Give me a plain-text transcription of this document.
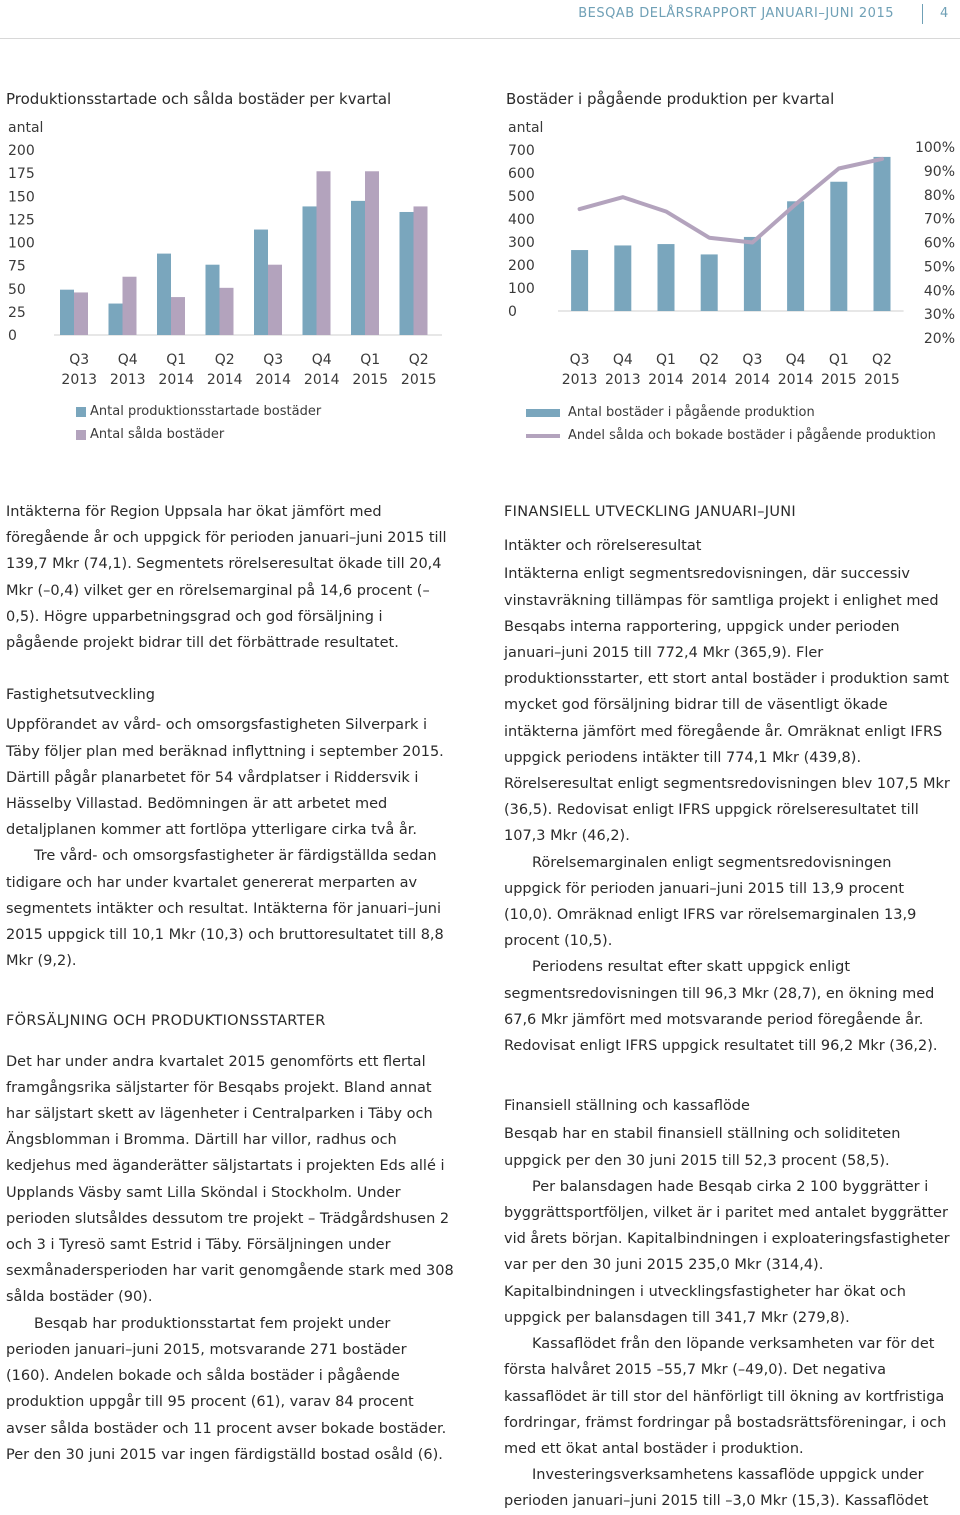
BESQAB DELÅRSRAPPORT JANUARI–JUNI 2015	4
Produktionsstartade och sålda bostäder per kvartal
antal
200
175
150
125
100
75
50
25
0
Q3
2013
Q4
2013
Q1
2014
Q2
2014
Q3
2014
Q4
2014
Q1
2015
Q2
2015
Antal produktionsstartade bostäder
Antal sålda bostäder
Bostäder i pågående produktion per kvartal
antal
700
600
500
400
300
200
100
0
100%
90%
80%
70%
60%
50%
40%
30%
20%
Q3
2013
Q4
2013
Q1
2014
Q2
2014
Q3
2014
Q4
2014
Q1
2015
Q2
2015
Antal bostäder i pågående produktion
Andel sålda och bokade bostäder i pågående produktion

Intäkterna för Region Uppsala har ökat jämfört med föregående år och uppgick för perioden januari–juni 2015 till 139,7 Mkr (74,1). Segmentets rörelseresultat ökade till 20,4 Mkr (–0,4) vilket ger en rörelsemarginal på 14,6 procent (–0,5). Högre upparbetningsgrad och god försäljning i pågående projekt bidrar till det förbättrade resultatet.

Fastighetsutveckling

Uppförandet av vård- och omsorgsfastigheten Silverpark i Täby följer plan med beräknad inflyttning i september 2015. Därtill pågår planarbetet för 54 vårdplatser i Riddersvik i Hässelby Villastad. Bedömningen är att arbetet med detaljplanen kommer att fortlöpa ytterligare cirka två år.

Tre vård- och omsorgsfastigheter är färdigställda sedan tidigare och har under kvartalet genererat merparten av segmentets intäkter och resultat. Intäkterna för januari–juni 2015 uppgick till 10,1 Mkr (10,3) och bruttoresultatet till 8,8 Mkr (9,2).

FÖRSÄLJNING OCH PRODUKTIONSSTARTER

Det har under andra kvartalet 2015 genomförts ett flertal framgångsrika säljstarter för Besqabs projekt. Bland annat har säljstart skett av lägenheter i Centralparken i Täby och Ängsblomman i Bromma. Därtill har villor, radhus och kedjehus med äganderätter säljstartats i projekten Eds allé i Upplands Väsby samt Lilla Sköndal i Stockholm. Under perioden slutsåldes dessutom tre projekt – Trädgårdshusen 2 och 3 i Tyresö samt Estrid i Täby. Försäljningen under sexmånadersperioden har varit genomgående stark med 308 sålda bostäder (90).

Besqab har produktionsstartat fem projekt under perioden januari–juni 2015, motsvarande 271 bostäder (160). Andelen bokade och sålda bostäder i pågående produktion uppgår till 95 procent (61), varav 84 procent avser sålda bostäder och 11 procent avser bokade bostäder. Per den 30 juni 2015 var ingen färdigställd bostad osåld (6).

FINANSIELL UTVECKLING JANUARI–JUNI

Intäkter och rörelseresultat

Intäkterna enligt segmentsredovisningen, där successiv vinstavräkning tillämpas för samtliga projekt i enlighet med Besqabs interna rapportering, uppgick under perioden januari–juni 2015 till 772,4 Mkr (365,9). Fler produktionsstarter, ett stort antal bostäder i produktion samt mycket god försäljning bidrar till de väsentligt ökade intäkterna jämfört med föregående år. Omräknat enligt IFRS uppgick periodens intäkter till 774,1 Mkr (439,8). Rörelseresultat enligt segmentsredovisningen blev 107,5 Mkr (36,5). Redovisat enligt IFRS uppgick rörelseresultatet till 107,3 Mkr (46,2).

Rörelsemarginalen enligt segmentsredovisningen uppgick för perioden januari–juni 2015 till 13,9 procent (10,0). Omräknad enligt IFRS var rörelsemarginalen 13,9 procent (10,5).

Periodens resultat efter skatt uppgick enligt segmentsredovisningen till 96,3 Mkr (28,7), en ökning med 67,6 Mkr jämfört med motsvarande period föregående år. Redovisat enligt IFRS uppgick resultatet till 96,2 Mkr (36,2).

Finansiell ställning och kassaflöde

Besqab har en stabil finansiell ställning och soliditeten uppgick per den 30 juni 2015 till 52,3 procent (58,5).

Per balansdagen hade Besqab cirka 2 100 byggrätter i byggrättsportföljen, vilket är i paritet med antalet byggrätter vid årets början. Kapitalbindningen i exploateringsfastigheter var per den 30 juni 2015 235,0 Mkr (314,4). Kapitalbindningen i utvecklingsfastigheter har ökat och uppgick per balansdagen till 341,7 Mkr (279,8).

Kassaflödet från den löpande verksamheten var för det första halvåret 2015 –55,7 Mkr (–49,0). Det negativa kassaflödet är till stor del hänförligt till ökning av kortfristiga fordringar, främst fordringar på bostadsrättsföreningar, i och med ett ökat antal bostäder i produktion.

Investeringsverksamhetens kassaflöde uppgick under perioden januari–juni 2015 till –3,0 Mkr (15,3). Kassaflödet
